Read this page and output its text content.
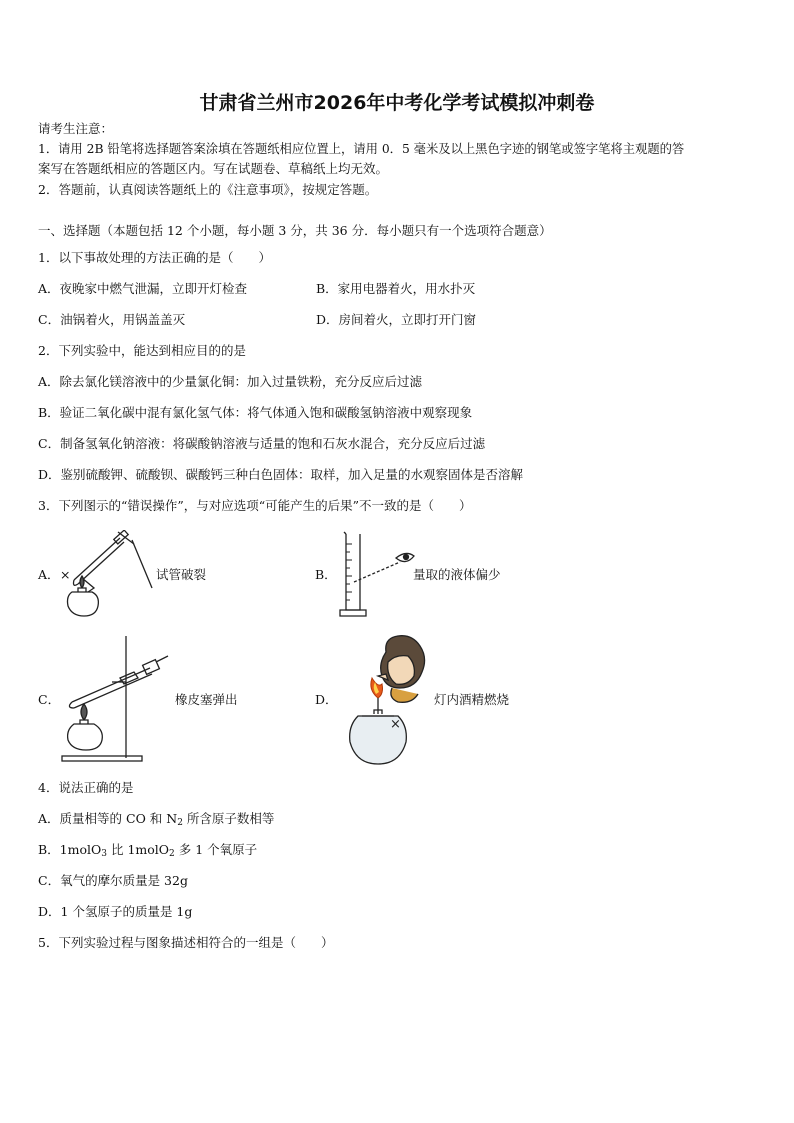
甘肃省兰州市2026年中考化学考试模拟冲刺卷
请考生注意：
1．请用 2B 铅笔将选择题答案涂填在答题纸相应位置上，请用 0．5 毫米及以上黑色字迹的钢笔或签字笔将主观题的答
案写在答题纸相应的答题区内。写在试题卷、草稿纸上均无效。
2．答题前，认真阅读答题纸上的《注意事项》，按规定答题。
一、选择题（本题包括 12 个小题，每小题 3 分，共 36 分．每小题只有一个选项符合题意）
1．以下事故处理的方法正确的是（　　）
A．夜晚家中燃气泄漏，立即开灯检查	B．家用电器着火，用水扑灭
C．油锅着火，用锅盖盖灭	D．房间着火，立即打开门窗
2．下列实验中，能达到相应目的的是
A．除去氯化镁溶液中的少量氯化铜：加入过量铁粉，充分反应后过滤
B．验证二氧化碳中混有氯化氢气体：将气体通入饱和碳酸氢钠溶液中观察现象
C．制备氢氧化钠溶液：将碳酸钠溶液与适量的饱和石灰水混合，充分反应后过滤
D．鉴别硫酸钾、硫酸钡、碳酸钙三种白色固体：取样，加入足量的水观察固体是否溶解
3．下列图示的“错误操作”，与对应选项“可能产生的后果”不一致的是（　　）
A． ×	试管破裂	B．	量取的液体偏少
C．	橡皮塞弹出	D．
×
灯内酒精燃烧
4．说法正确的是
A．质量相等的 CO 和 $N_2$ 所含原子数相等
B．1molO$_3$ 比 1molO$_2$ 多 1 个氧原子
C．氧气的摩尔质量是 32g
D．1 个氢原子的质量是 1g
5．下列实验过程与图象描述相符合的一组是（　　）
